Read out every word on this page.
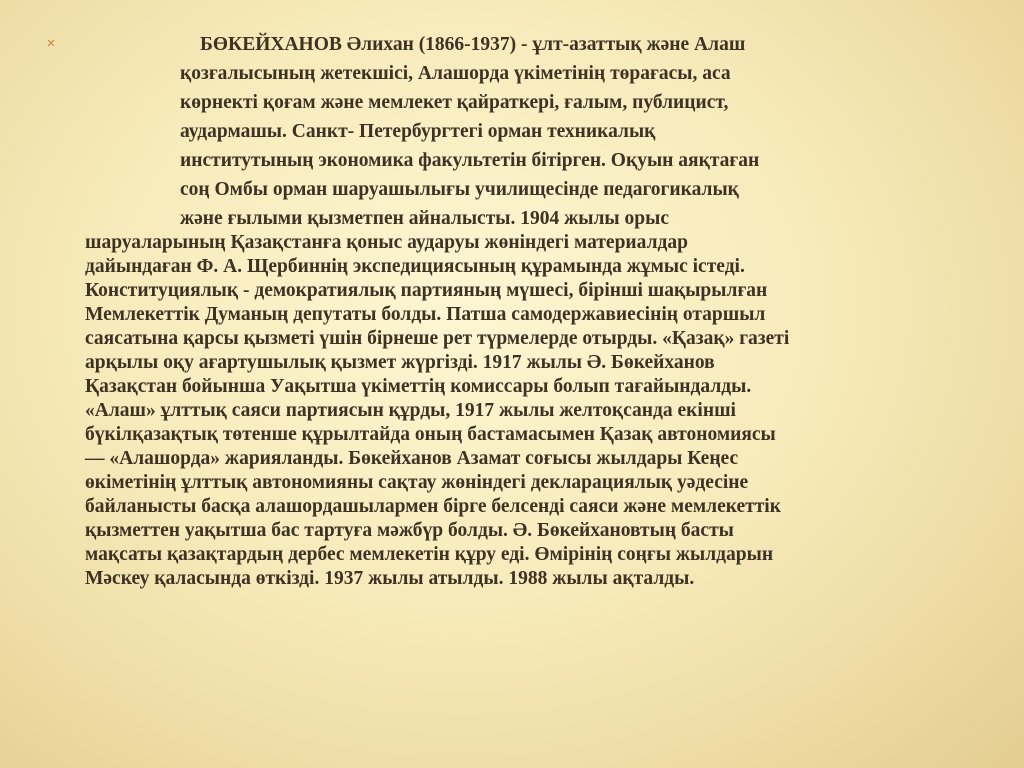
✕	БӨКЕЙХАНОВ Әлихан (1866-1937) - ұлт-азаттық және Алаш
қозғалысының жетекшісі, Алашорда үкіметінің төрағасы, аса
көрнекті қоғам және мемлекет қайраткері, ғалым, публицист,
аудармашы. Санкт- Петербургтегі орман техникалық
институтының экономика факультетін бітірген. Оқуын аяқтаған
соң Омбы орман шаруашылығы училищесінде педагогикалық
және ғылыми қызметпен айналысты. 1904 жылы орыс
шаруаларының Қазақстанға қоныс аударуы жөніндегі материалдар
дайындаған Ф. А. Щербиннің экспедициясының құрамында жұмыс істеді.
Конституциялық - демократиялық партияның мүшесі, бірінші шақырылған
Мемлекеттік Думаның депутаты болды. Патша самодержавиесінің отаршыл
саясатына қарсы қызметі үшін бірнеше рет түрмелерде отырды. «Қазақ» газеті
арқылы оқу ағартушылық қызмет жүргізді. 1917 жылы Ә. Бөкейханов
Қазақстан бойынша Уақытша үкіметтің комиссары болып тағайындалды.
«Алаш» ұлттық саяси партиясын құрды, 1917 жылы желтоқсанда екінші
бүкілқазақтық төтенше құрылтайда оның бастамасымен Қазақ автономиясы
— «Алашорда» жарияланды. Бөкейханов Азамат соғысы жылдары Кеңес
өкіметінің ұлттық автономияны сақтау жөніндегі декларациялық уәдесіне
байланысты басқа алашордашылармен бірге белсенді саяси және мемлекеттік
қызметтен уақытша бас тартуға мәжбүр болды. Ә. Бөкейхановтың басты
мақсаты қазақтардың дербес мемлекетін құру еді. Өмірінің соңғы жылдарын
Мәскеу қаласында өткізді. 1937 жылы атылды. 1988 жылы ақталды.
